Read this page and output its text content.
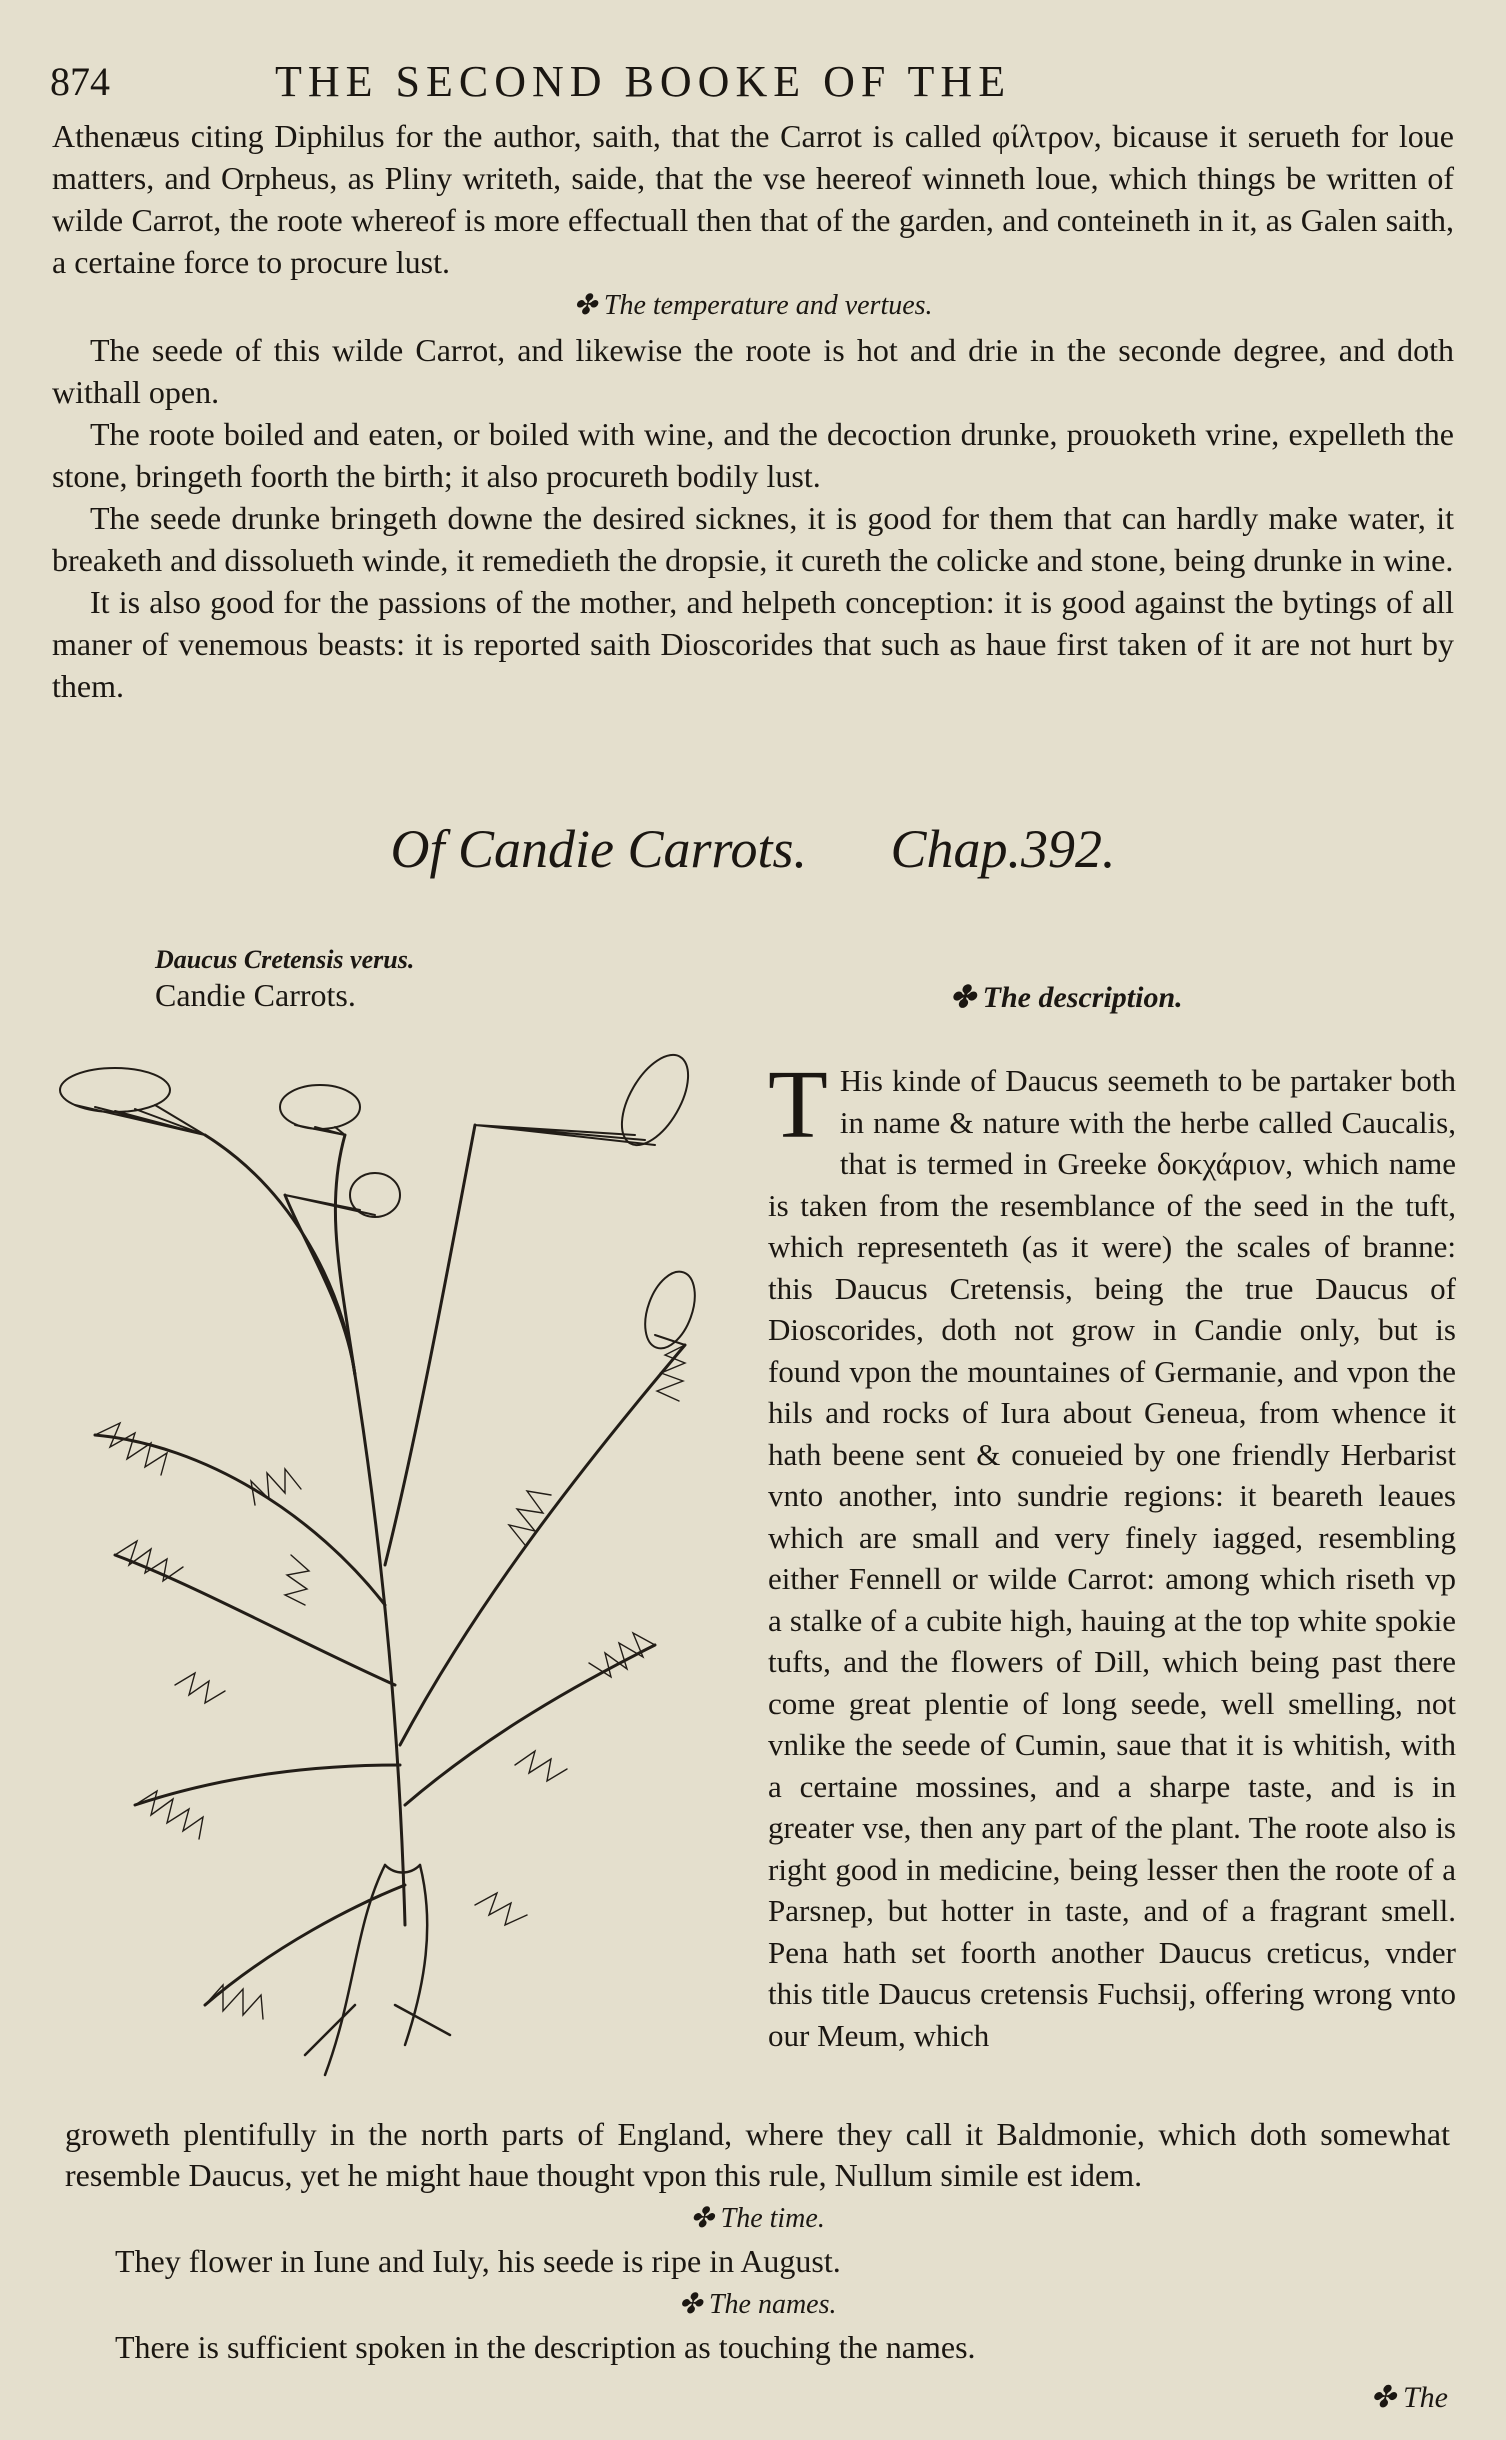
874	THE SECOND BOOKE OF THE

Athenæus citing Diphilus for the author, saith, that the Carrot is called φίλτρον, bicause it serueth for loue matters, and Orpheus, as Pliny writeth, saide, that the vse heereof winneth loue, which things be written of wilde Carrot, the roote whereof is more effectuall then that of the garden, and conteineth in it, as Galen saith, a certaine force to procure lust.

✤ The temperature and vertues.

The seede of this wilde Carrot, and likewise the roote is hot and drie in the seconde degree, and doth withall open.

The roote boiled and eaten, or boiled with wine, and the decoction drunke, prouoketh vrine, expelleth the stone, bringeth foorth the birth; it also procureth bodily lust.

The seede drunke bringeth downe the desired sicknes, it is good for them that can hardly make water, it breaketh and dissolueth winde, it remedieth the dropsie, it cureth the colicke and stone, being drunke in wine.

It is also good for the passions of the mother, and helpeth conception: it is good against the bytings of all maner of venemous beasts: it is reported saith Dioscorides that such as haue first taken of it are not hurt by them.

Of Candie Carrots. Chap.392.
Daucus Cretensis verus.
Candie Carrots.	✤ The description.
T His kinde of Daucus seemeth to be partaker both in name & nature with the herbe called Caucalis, that is termed in Greeke δοκχάριον, which name is taken from the resemblance of the seed in the tuft, which representeth (as it were) the scales of branne: this Daucus Cretensis, being the true Daucus of Dioscorides, doth not grow in Candie only, but is found vpon the mountaines of Germanie, and vpon the hils and rocks of Iura about Geneua, from whence it hath beene sent & conueied by one friendly Herbarist vnto another, into sundrie regions: it beareth leaues which are small and very finely iagged, resembling either Fennell or wilde Carrot: among which riseth vp a stalke of a cubite high, hauing at the top white spokie tufts, and the flowers of Dill, which being past there come great plentie of long seede, well smelling, not vnlike the seede of Cumin, saue that it is whitish, with a certaine mossines, and a sharpe taste, and is in greater vse, then any part of the plant. The roote also is right good in medicine, being lesser then the roote of a Parsnep, but hotter in taste, and of a fragrant smell. Pena hath set foorth another Daucus creticus, vnder this title Daucus cretensis Fuchsij, offering wrong vnto our Meum, which

groweth plentifully in the north parts of England, where they call it Baldmonie, which doth somewhat resemble Daucus, yet he might haue thought vpon this rule, Nullum simile est idem.

✤ The time.

They flower in Iune and Iuly, his seede is ripe in August.

✤ The names.

There is sufficient spoken in the description as touching the names.

✤ The
